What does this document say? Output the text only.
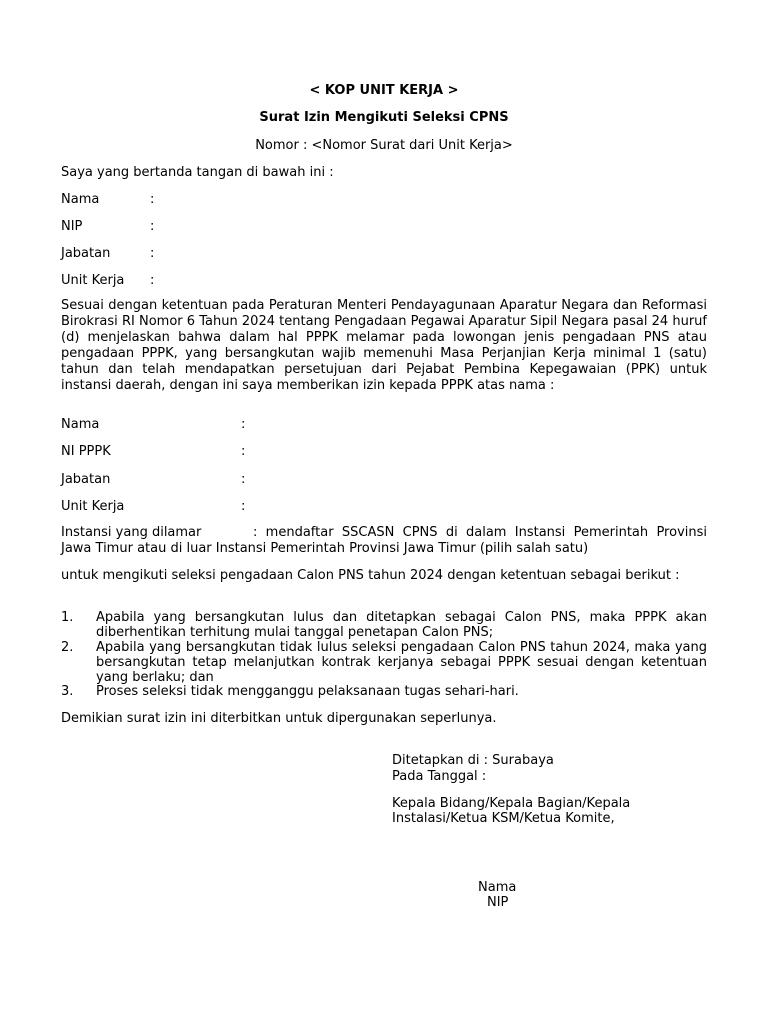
< KOP UNIT KERJA >
Surat Izin Mengikuti Seleksi CPNS
Nomor : <Nomor Surat dari Unit Kerja>
Saya yang bertanda tangan di bawah ini :
Nama	:
NIP	:
Jabatan	:
Unit Kerja :
Sesuai dengan ketentuan pada Peraturan Menteri Pendayagunaan Aparatur Negara dan Reformasi Birokrasi RI Nomor 6 Tahun 2024 tentang Pengadaan Pegawai Aparatur Sipil Negara pasal 24 huruf (d) menjelaskan bahwa dalam hal PPPK melamar pada lowongan jenis pengadaan PNS atau pengadaan PPPK, yang bersangkutan wajib memenuhi Masa Perjanjian Kerja minimal 1 (satu) tahun dan telah mendapatkan persetujuan dari Pejabat Pembina Kepegawaian (PPK) untuk instansi daerah, dengan ini saya memberikan izin kepada PPPK atas nama :
Nama	:
NI PPPK	:
Jabatan	:
Unit Kerja	:
Instansi yang dilamar	: mendaftar SSCASN CPNS di dalam Instansi Pemerintah Provinsi Jawa Timur atau di luar Instansi Pemerintah Provinsi Jawa Timur (pilih salah satu)
untuk mengikuti seleksi pengadaan Calon PNS tahun 2024 dengan ketentuan sebagai berikut :
1. Apabila yang bersangkutan lulus dan ditetapkan sebagai Calon PNS, maka PPPK akan diberhentikan terhitung mulai tanggal penetapan Calon PNS;
2. Apabila yang bersangkutan tidak lulus seleksi pengadaan Calon PNS tahun 2024, maka yang bersangkutan tetap melanjutkan kontrak kerjanya sebagai PPPK sesuai dengan ketentuan yang berlaku; dan
3. Proses seleksi tidak mengganggu pelaksanaan tugas sehari-hari.
Demikian surat izin ini diterbitkan untuk dipergunakan seperlunya.
Ditetapkan di : Surabaya
Pada Tanggal :
Kepala Bidang/Kepala Bagian/Kepala
Instalasi/Ketua KSM/Ketua Komite,
Nama
NIP
